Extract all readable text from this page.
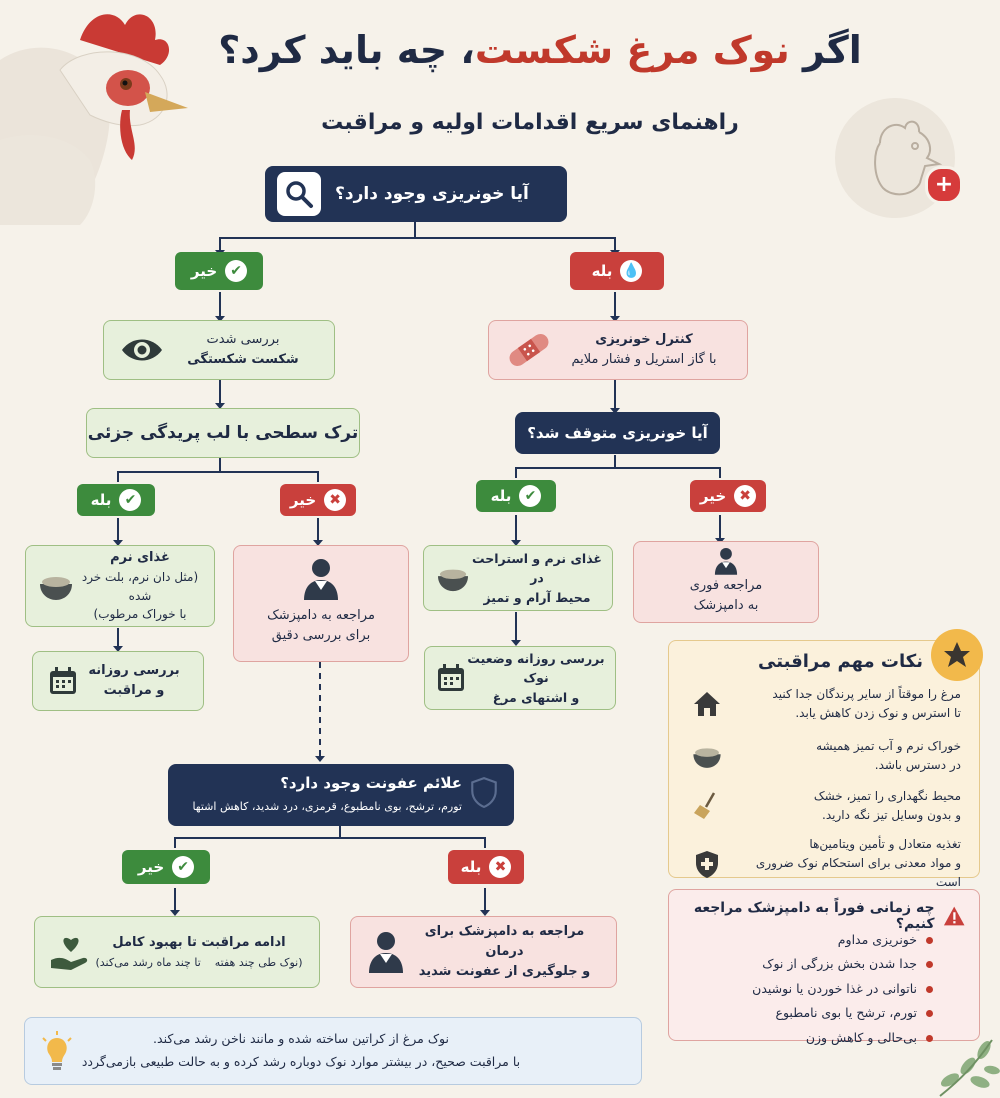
اگر نوک مرغ شکست، چه باید کرد؟
راهنمای سریع اقدامات اولیه و مراقبت
+
آیا خونریزی وجود دارد؟
💧
بله
✔
خیر
کنترل خونریزی
با گاز استریل و فشار ملایم
بررسی شدت
شکست شکستگی
آیا خونریزی متوقف شد؟
ترک سطحی با لب پریدگی جزئی
✔
بله	✖
خیر	✔
بله	✖
خیر
غذای نرم
(مثل دان نرم، بلت خرد شده
با خوراک مرطوب)	مراجعه به دامپزشک
برای بررسی دقیق
غذای نرم و استراحت در
محیط آرام و تمیز
مراجعه فوری
به دامپزشک
بررسی روزانه
و مراقبت
بررسی روزانه وضعیت نوک
و اشتهای مرغ
نکات مهم مراقبتی
مرغ را موقتاً از سایر پرندگان جدا کنید
تا استرس و نوک زدن کاهش یابد.
خوراک نرم و آب تمیز همیشه
در دسترس باشد.
محیط نگهداری را تمیز، خشک
و بدون وسایل تیز نگه دارید.
تغذیه متعادل و تأمین ویتامین‌ها
و مواد معدنی برای استحکام نوک ضروری است
علائم عفونت وجود دارد؟
تورم، ترشح، بوی نامطبوع، قرمزی، درد شدید، کاهش اشتها
✔
خیر	✖
بله
ادامه مراقبت تا بهبود کامل
(نوک طی چند هفته    تا چند ماه رشد می‌کند)
مراجعه به دامپزشک برای درمان
و جلوگیری از عفونت شدید
چه زمانی فوراً به دامپزشک مراجعه کنیم؟
خونریزی مداوم
جدا شدن بخش بزرگی از نوک
ناتوانی در غذا خوردن یا نوشیدن
تورم، ترشح یا بوی نامطبوع
بی‌حالی و کاهش وزن
نوک مرغ از کراتین ساخته شده و مانند ناخن رشد می‌کند.
با مراقبت صحیح، در بیشتر موارد نوک دوباره رشد کرده و به حالت طبیعی بازمی‌گردد
